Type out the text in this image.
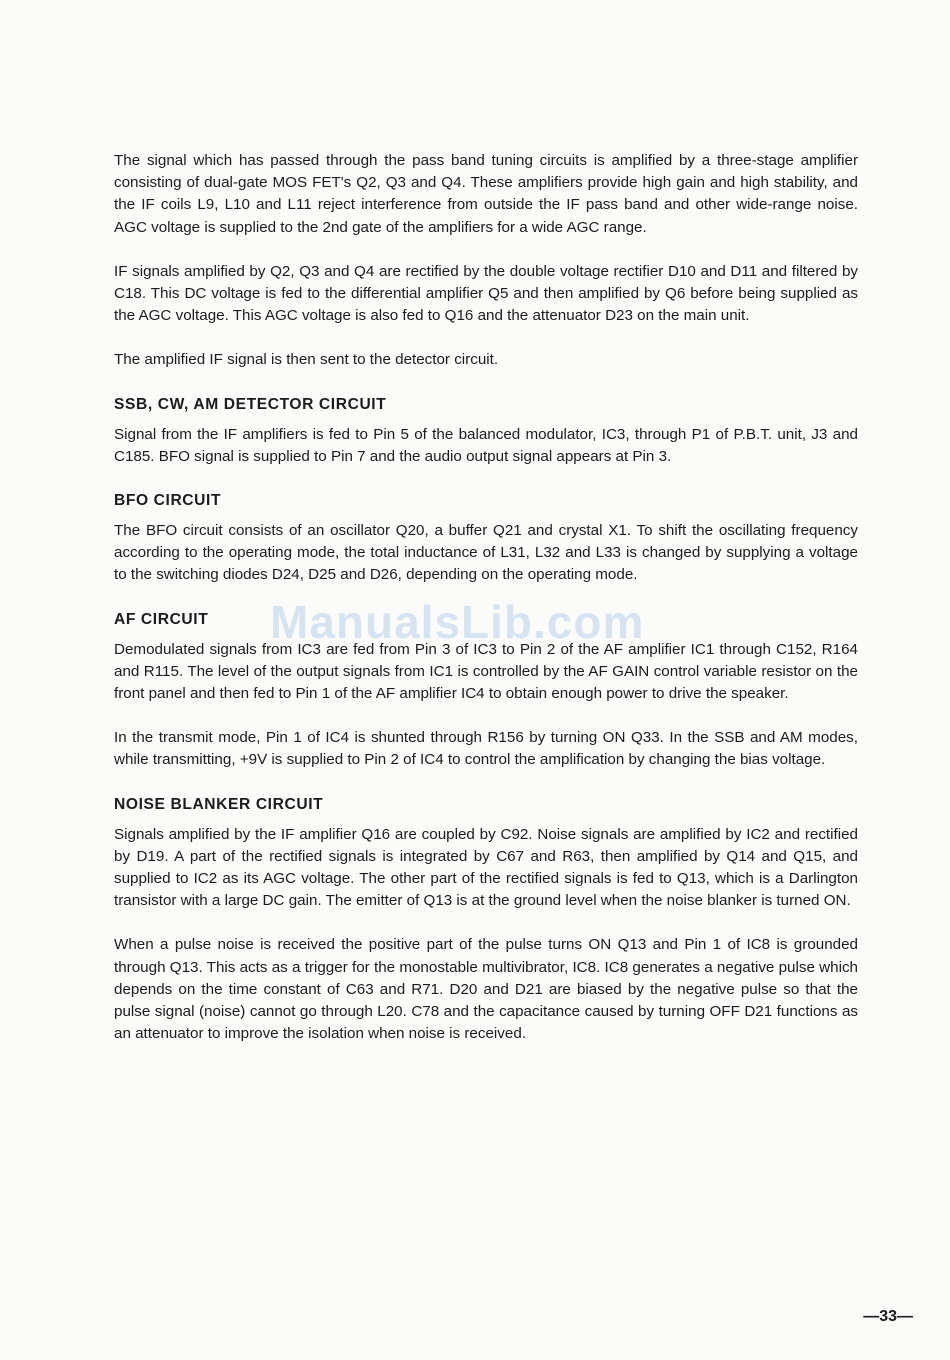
The signal which has passed through the pass band tuning circuits is amplified by a three-stage amplifier consisting of dual-gate MOS FET's Q2, Q3 and Q4. These amplifiers provide high gain and high stability, and the IF coils L9, L10 and L11 reject interference from outside the IF pass band and other wide-range noise. AGC voltage is supplied to the 2nd gate of the amplifiers for a wide AGC range.

IF signals amplified by Q2, Q3 and Q4 are rectified by the double voltage rectifier D10 and D11 and filtered by C18. This DC voltage is fed to the differential amplifier Q5 and then amplified by Q6 before being supplied as the AGC voltage. This AGC voltage is also fed to Q16 and the attenuator D23 on the main unit.

The amplified IF signal is then sent to the detector circuit.

SSB, CW, AM DETECTOR CIRCUIT

Signal from the IF amplifiers is fed to Pin 5 of the balanced modulator, IC3, through P1 of P.B.T. unit, J3 and C185. BFO signal is supplied to Pin 7 and the audio output signal appears at Pin 3.

BFO CIRCUIT

The BFO circuit consists of an oscillator Q20, a buffer Q21 and crystal X1. To shift the oscillating frequency according to the operating mode, the total inductance of L31, L32 and L33 is changed by supplying a voltage to the switching diodes D24, D25 and D26, depending on the operating mode.

AF CIRCUIT

Demodulated signals from IC3 are fed from Pin 3 of IC3 to Pin 2 of the AF amplifier IC1 through C152, R164 and R115. The level of the output signals from IC1 is controlled by the AF GAIN control variable resistor on the front panel and then fed to Pin 1 of the AF amplifier IC4 to obtain enough power to drive the speaker.

In the transmit mode, Pin 1 of IC4 is shunted through R156 by turning ON Q33. In the SSB and AM modes, while transmitting, +9V is supplied to Pin 2 of IC4 to control the amplification by changing the bias voltage.

NOISE BLANKER CIRCUIT

Signals amplified by the IF amplifier Q16 are coupled by C92. Noise signals are amplified by IC2 and rectified by D19. A part of the rectified signals is integrated by C67 and R63, then amplified by Q14 and Q15, and supplied to IC2 as its AGC voltage. The other part of the rectified signals is fed to Q13, which is a Darlington transistor with a large DC gain. The emitter of Q13 is at the ground level when the noise blanker is turned ON.

When a pulse noise is received the positive part of the pulse turns ON Q13 and Pin 1 of IC8 is grounded through Q13. This acts as a trigger for the monostable multivibrator, IC8. IC8 generates a negative pulse which depends on the time constant of C63 and R71. D20 and D21 are biased by the negative pulse so that the pulse signal (noise) cannot go through L20. C78 and the capacitance caused by turning OFF D21 functions as an attenuator to improve the isolation when noise is received.

ManualsLib.com
—33—
